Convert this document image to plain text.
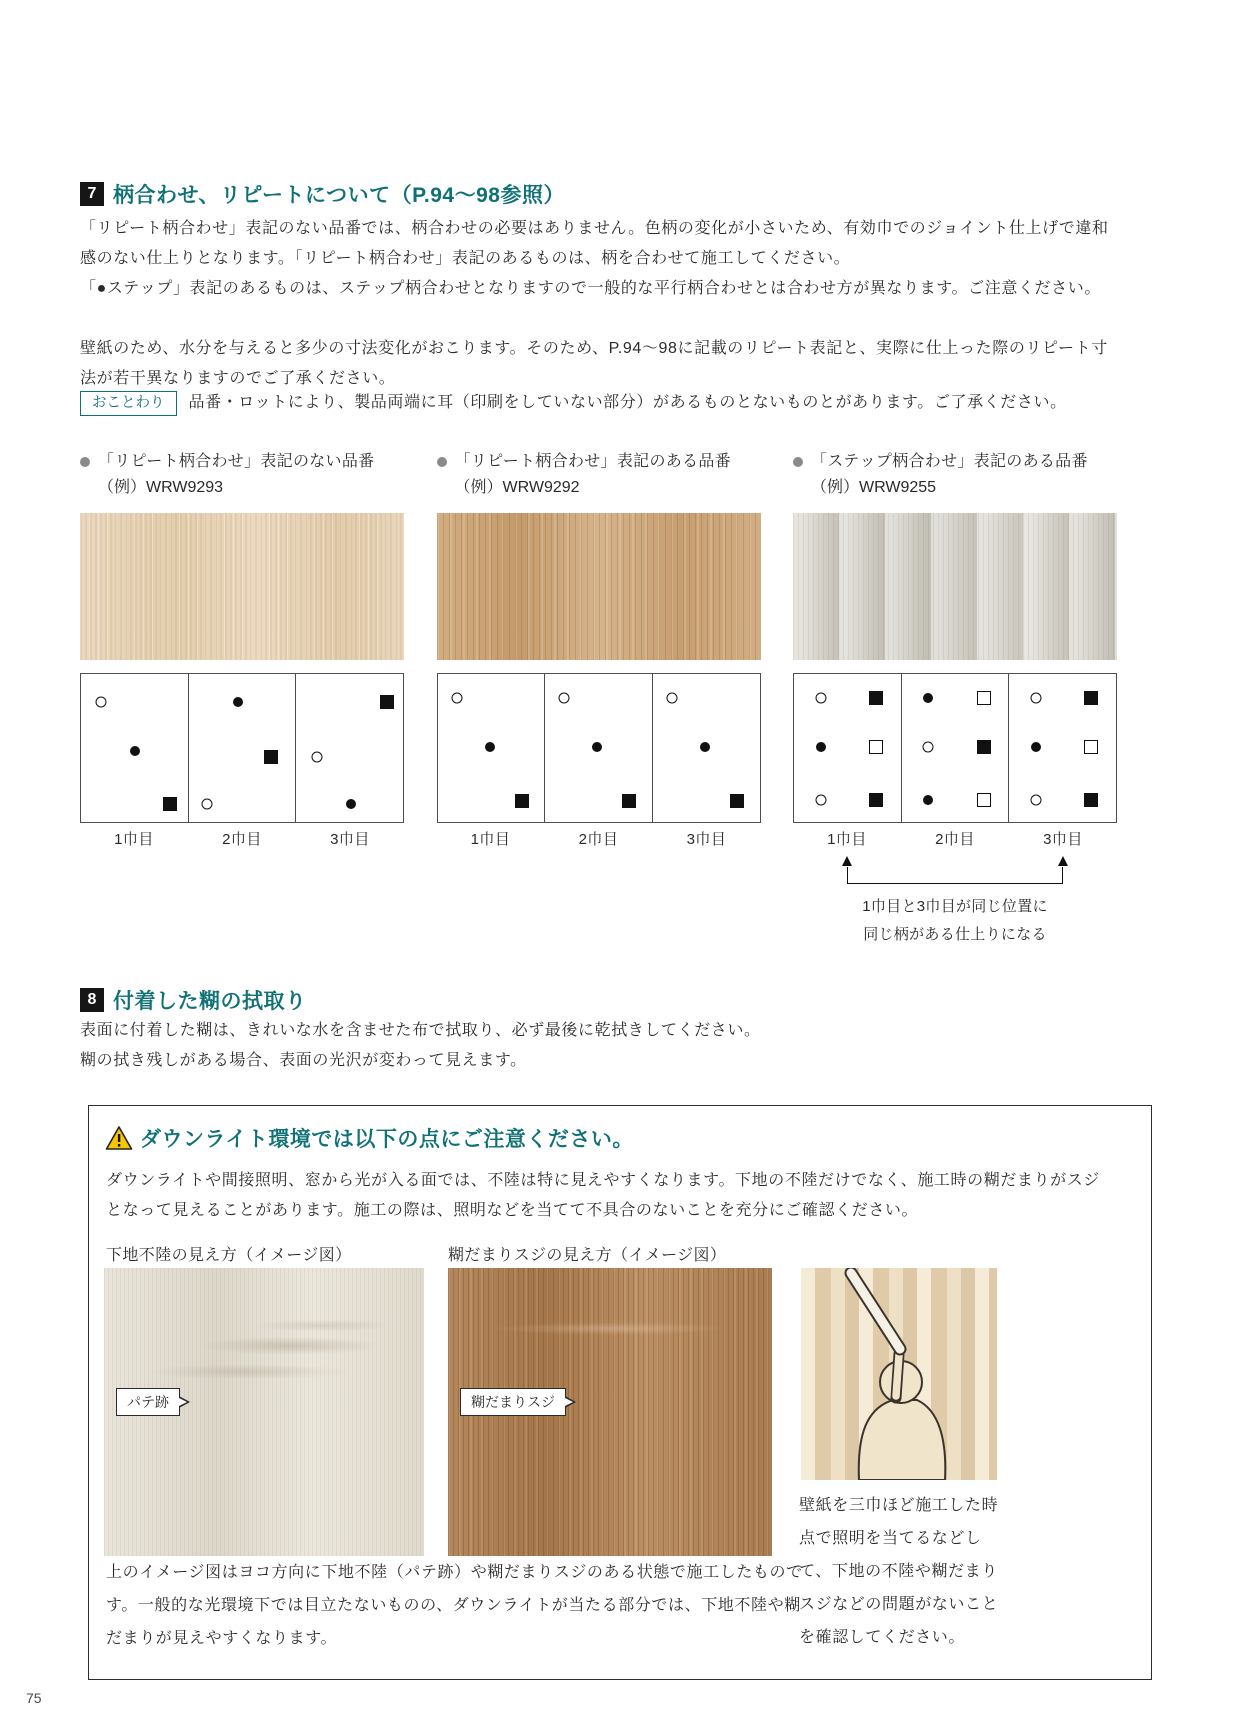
7 柄合わせ、リピートについて（P.94〜98参照）
「リピート柄合わせ」表記のない品番では、柄合わせの必要はありません。色柄の変化が小さいため、有効巾でのジョイント仕上げで違和感のない仕上りとなります。「リピート柄合わせ」表記のあるものは、柄を合わせて施工してください。
「●ステップ」表記のあるものは、ステップ柄合わせとなりますので一般的な平行柄合わせとは合わせ方が異なります。ご注意ください。
壁紙のため、水分を与えると多少の寸法変化がおこります。そのため、P.94〜98に記載のリピート表記と、実際に仕上った際のリピート寸法が若干異なりますのでご了承ください。
おことわり	品番・ロットにより、製品両端に耳（印刷をしていない部分）があるものとないものとがあります。ご了承ください。
「リピート柄合わせ」表記のない品番
（例）WRW9293
1巾目	2巾目	3巾目
「リピート柄合わせ」表記のある品番
（例）WRW9292
1巾目	2巾目	3巾目
「ステップ柄合わせ」表記のある品番
（例）WRW9255
1巾目	2巾目	3巾目
1巾目と3巾目が同じ位置に
同じ柄がある仕上りになる
8 付着した糊の拭取り
表面に付着した糊は、きれいな水を含ませた布で拭取り、必ず最後に乾拭きしてください。
糊の拭き残しがある場合、表面の光沢が変わって見えます。
ダウンライト環境では以下の点にご注意ください。
ダウンライトや間接照明、窓から光が入る面では、不陸は特に見えやすくなります。下地の不陸だけでなく、施工時の糊だまりがスジとなって見えることがあります。施工の際は、照明などを当てて不具合のないことを充分にご確認ください。
下地不陸の見え方（イメージ図）	糊だまりスジの見え方（イメージ図）
パテ跡	糊だまりスジ
壁紙を三巾ほど施工した時点で照明を当てるなどして、下地の不陸や糊だまりスジなどの問題がないことを確認してください。
上のイメージ図はヨコ方向に下地不陸（パテ跡）や糊だまりスジのある状態で施工したものです。一般的な光環境下では目立たないものの、ダウンライトが当たる部分では、下地不陸や糊だまりが見えやすくなります。
75
